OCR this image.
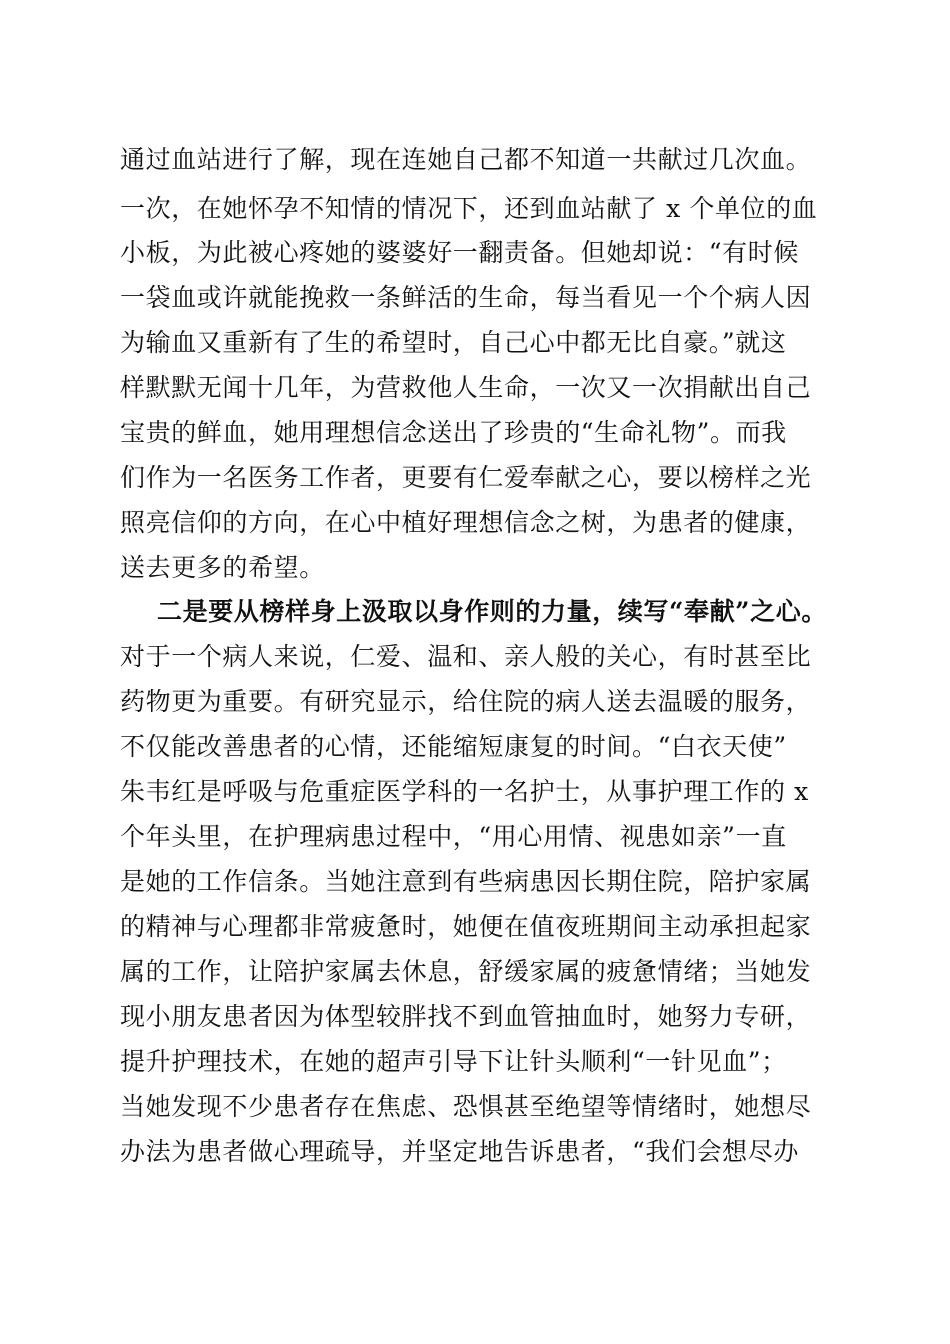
通过血站进行了解，现在连她自己都不知道一共献过几次血。
一次，在她怀孕不知情的情况下，还到血站献了 x 个单位的血
小板，为此被心疼她的婆婆好一翻责备。但她却说：“有时候
一袋血或许就能挽救一条鲜活的生命，每当看见一个个病人因
为输血又重新有了生的希望时，自己心中都无比自豪。”就这
样默默无闻十几年，为营救他人生命，一次又一次捐献出自己
宝贵的鲜血，她用理想信念送出了珍贵的“生命礼物”。而我
们作为一名医务工作者，更要有仁爱奉献之心，要以榜样之光
照亮信仰的方向，在心中植好理想信念之树，为患者的健康，
送去更多的希望。
二是要从榜样身上汲取以身作则的力量，续写“奉献”之心。
对于一个病人来说，仁爱、温和、亲人般的关心，有时甚至比
药物更为重要。有研究显示，给住院的病人送去温暖的服务，
不仅能改善患者的心情，还能缩短康复的时间。“白衣天使”
朱韦红是呼吸与危重症医学科的一名护士，从事护理工作的 x
个年头里，在护理病患过程中，“用心用情、视患如亲”一直
是她的工作信条。当她注意到有些病患因长期住院，陪护家属
的精神与心理都非常疲惫时，她便在值夜班期间主动承担起家
属的工作，让陪护家属去休息，舒缓家属的疲惫情绪；当她发
现小朋友患者因为体型较胖找不到血管抽血时，她努力专研，
提升护理技术，在她的超声引导下让针头顺利“一针见血”；
当她发现不少患者存在焦虑、恐惧甚至绝望等情绪时，她想尽
办法为患者做心理疏导，并坚定地告诉患者，“我们会想尽办
